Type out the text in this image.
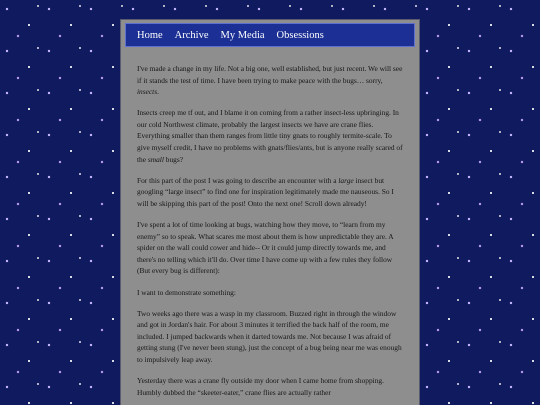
Home Archive My Media Obsessions

I've made a change in my life. Not a big one, well established, but just recent. We will see if it stands the test of time. I have been trying to make peace with the bugs… sorry, insects.

Insects creep me tf out, and I blame it on coming from a rather insect-less upbringing. In our cold Northwest climate, probably the largest insects we have are crane flies. Everything smaller than them ranges from little tiny gnats to roughly termite-scale. To give myself credit, I have no problems with gnats/flies/ants, but is anyone really scared of the small bugs?

For this part of the post I was going to describe an encounter with a large insect but googling “large insect” to find one for inspiration legitimately made me nauseous. So I will be skipping this part of the post! Onto the next one! Scroll down already!

I've spent a lot of time looking at bugs, watching how they move, to “learn from my enemy” so to speak. What scares me most about them is how unpredictable they are. A spider on the wall could cower and hide-- Or it could jump directly towards me, and there's no telling which it'll do. Over time I have come up with a few rules they follow (But every bug is different):

I want to demonstrate something:

Two weeks ago there was a wasp in my classroom. Buzzed right in through the window and got in Jordan's hair. For about 3 minutes it terrified the back half of the room, me included. I jumped backwards when it darted towards me. Not because I was afraid of getting stung (I've never been stung), just the concept of a bug being near me was enough to impulsively leap away.

Yesterday there was a crane fly outside my door when I came home from shopping. Humbly dubbed the “skeeter-eater,” crane flies are actually rather
